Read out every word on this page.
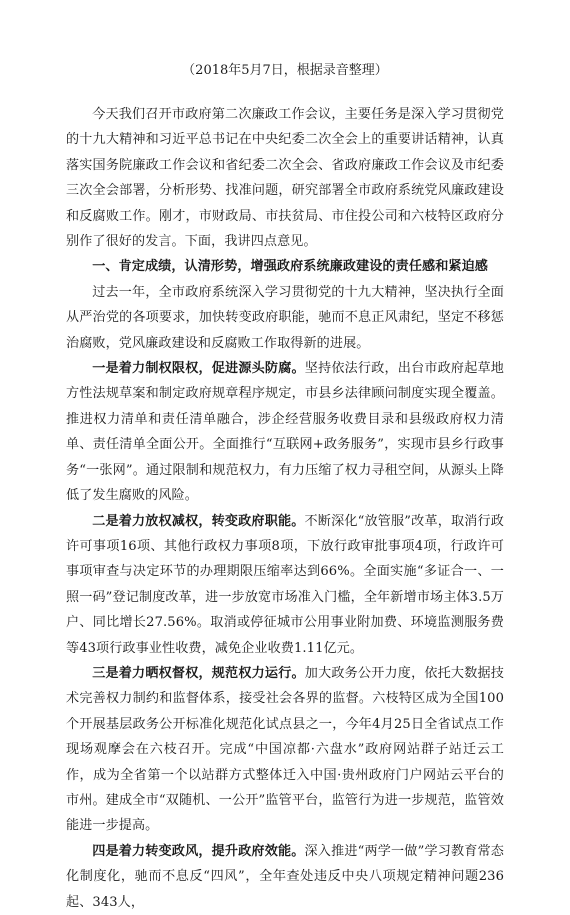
（2018年5月7日，根据录音整理）

今天我们召开市政府第二次廉政工作会议，主要任务是深入学习贯彻党的十九大精神和习近平总书记在中央纪委二次全会上的重要讲话精神，认真落实国务院廉政工作会议和省纪委二次全会、省政府廉政工作会议及市纪委三次全会部署，分析形势、找准问题，研究部署全市政府系统党风廉政建设和反腐败工作。刚才，市财政局、市扶贫局、市住投公司和六枝特区政府分别作了很好的发言。下面，我讲四点意见。

一、肯定成绩，认清形势，增强政府系统廉政建设的责任感和紧迫感

过去一年，全市政府系统深入学习贯彻党的十九大精神，坚决执行全面从严治党的各项要求，加快转变政府职能，驰而不息正风肃纪，坚定不移惩治腐败，党风廉政建设和反腐败工作取得新的进展。

一是着力制权限权，促进源头防腐。坚持依法行政，出台市政府起草地方性法规草案和制定政府规章程序规定，市县乡法律顾问制度实现全覆盖。推进权力清单和责任清单融合，涉企经营服务收费目录和县级政府权力清单、责任清单全面公开。全面推行“互联网+政务服务”，实现市县乡行政事务“一张网”。通过限制和规范权力，有力压缩了权力寻租空间，从源头上降低了发生腐败的风险。

二是着力放权减权，转变政府职能。不断深化“放管服”改革，取消行政许可事项16项、其他行政权力事项8项，下放行政审批事项4项，行政许可事项审查与决定环节的办理期限压缩率达到66%。全面实施“多证合一、一照一码”登记制度改革，进一步放宽市场准入门槛，全年新增市场主体3.5万户、同比增长27.56%。取消或停征城市公用事业附加费、环境监测服务费等43项行政事业性收费，减免企业收费1.11亿元。

三是着力晒权督权，规范权力运行。加大政务公开力度，依托大数据技术完善权力制约和监督体系，接受社会各界的监督。六枝特区成为全国100个开展基层政务公开标准化规范化试点县之一，今年4月25日全省试点工作现场观摩会在六枝召开。完成“中国凉都·六盘水”政府网站群子站迁云工作，成为全省第一个以站群方式整体迁入中国·贵州政府门户网站云平台的市州。建成全市“双随机、一公开”监管平台，监管行为进一步规范，监管效能进一步提高。

四是着力转变政风，提升政府效能。深入推进“两学一做”学习教育常态化制度化，驰而不息反“四风”，全年查处违反中央八项规定精神问题236起、343人，
